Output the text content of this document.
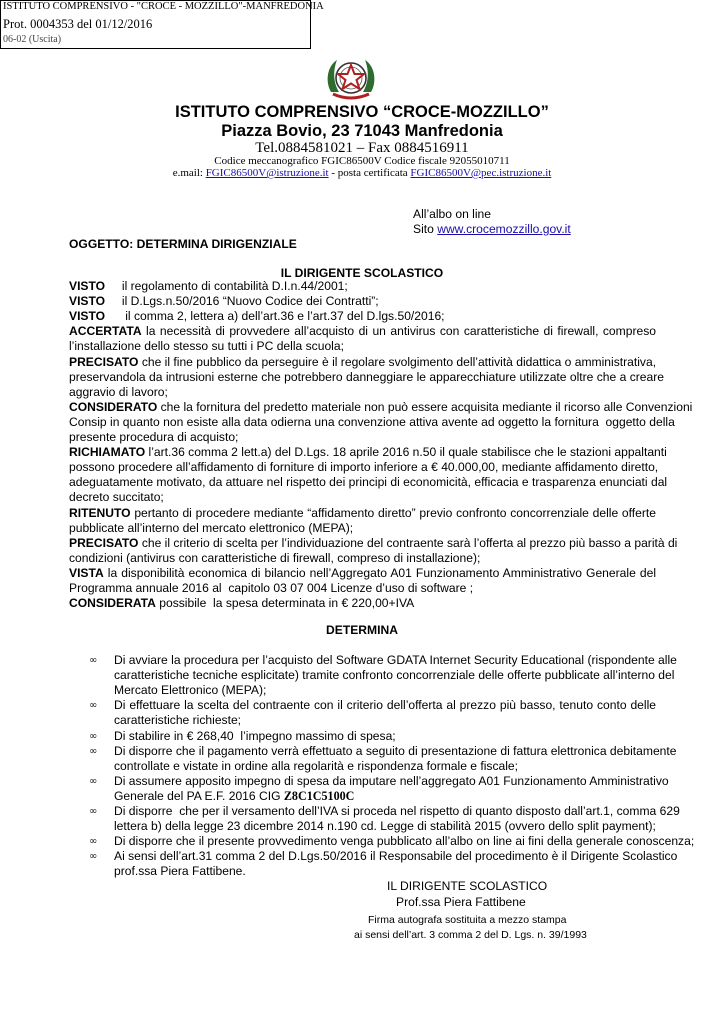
ISTITUTO COMPRENSIVO - "CROCE - MOZZILLO"-MANFREDONIA
Prot. 0004353 del 01/12/2016
06-02 (Uscita)
ISTITUTO COMPRENSIVO “CROCE-MOZZILLO”
Piazza Bovio, 23 71043 Manfredonia
Tel.0884581021 – Fax 0884516911
Codice meccanografico FGIC86500V Codice fiscale 92055010711
e.mail: FGIC86500V@istruzione.it - posta certificata FGIC86500V@pec.istruzione.it
All’albo on line
Sito www.crocemozzillo.gov.it
OGGETTO: DETERMINA DIRIGENZIALE
IL DIRIGENTE SCOLASTICO
VISTO     il regolamento di contabilità D.I.n.44/2001;
VISTO     il D.Lgs.n.50/2016 “Nuovo Codice dei Contratti”;
VISTO      il comma 2, lettera a) dell’art.36 e l’art.37 del D.lgs.50/2016;
ACCERTATA la necessità di provvedere all’acquisto di un antivirus con caratteristiche di firewall, compreso
l’installazione dello stesso su tutti i PC della scuola;
PRECISATO che il fine pubblico da perseguire è il regolare svolgimento dell’attività didattica o amministrativa,
preservandola da intrusioni esterne che potrebbero danneggiare le apparecchiature utilizzate oltre che a creare
aggravio di lavoro;
CONSIDERATO che la fornitura del predetto materiale non può essere acquisita mediante il ricorso alle Convenzioni
Consip in quanto non esiste alla data odierna una convenzione attiva avente ad oggetto la fornitura  oggetto della
presente procedura di acquisto;
RICHIAMATO l’art.36 comma 2 lett.a) del D.Lgs. 18 aprile 2016 n.50 il quale stabilisce che le stazioni appaltanti
possono procedere all’affidamento di forniture di importo inferiore a € 40.000,00, mediante affidamento diretto,
adeguatamente motivato, da attuare nel rispetto dei principi di economicità, efficacia e trasparenza enunciati dal
decreto succitato;
RITENUTO pertanto di procedere mediante “affidamento diretto” previo confronto concorrenziale delle offerte
pubblicate all’interno del mercato elettronico (MEPA);
PRECISATO che il criterio di scelta per l’individuazione del contraente sarà l’offerta al prezzo più basso a parità di
condizioni (antivirus con caratteristiche di firewall, compreso di installazione);
VISTA la disponibilità economica di bilancio nell’Aggregato A01 Funzionamento Amministrativo Generale del
Programma annuale 2016 al  capitolo 03 07 004 Licenze d’uso di software ;
CONSIDERATA possibile  la spesa determinata in € 220,00+IVA
DETERMINA
∞ Di avviare la procedura per l’acquisto del Software GDATA Internet Security Educational (rispondente alle
caratteristiche tecniche esplicitate) tramite confronto concorrenziale delle offerte pubblicate all’interno del
Mercato Elettronico (MEPA);
∞ Di effettuare la scelta del contraente con il criterio dell’offerta al prezzo più basso, tenuto conto delle
caratteristiche richieste;
∞ Di stabilire in € 268,40  l’impegno massimo di spesa;
∞ Di disporre che il pagamento verrà effettuato a seguito di presentazione di fattura elettronica debitamente
controllate e vistate in ordine alla regolarità e rispondenza formale e fiscale;
∞ Di assumere apposito impegno di spesa da imputare nell’aggregato A01 Funzionamento Amministrativo
Generale del PA E.F. 2016 CIG Z8C1C5100C
∞ Di disporre  che per il versamento dell’IVA si proceda nel rispetto di quanto disposto dall’art.1, comma 629
lettera b) della legge 23 dicembre 2014 n.190 cd. Legge di stabilità 2015 (ovvero dello split payment);
∞ Di disporre che il presente provvedimento venga pubblicato all’albo on line ai fini della generale conoscenza;
∞ Ai sensi dell’art.31 comma 2 del D.Lgs.50/2016 il Responsabile del procedimento è il Dirigente Scolastico
prof.ssa Piera Fattibene.
IL DIRIGENTE SCOLASTICO
Prof.ssa Piera Fattibene
Firma autografa sostituita a mezzo stampa
ai sensi dell’art. 3 comma 2 del D. Lgs. n. 39/1993
